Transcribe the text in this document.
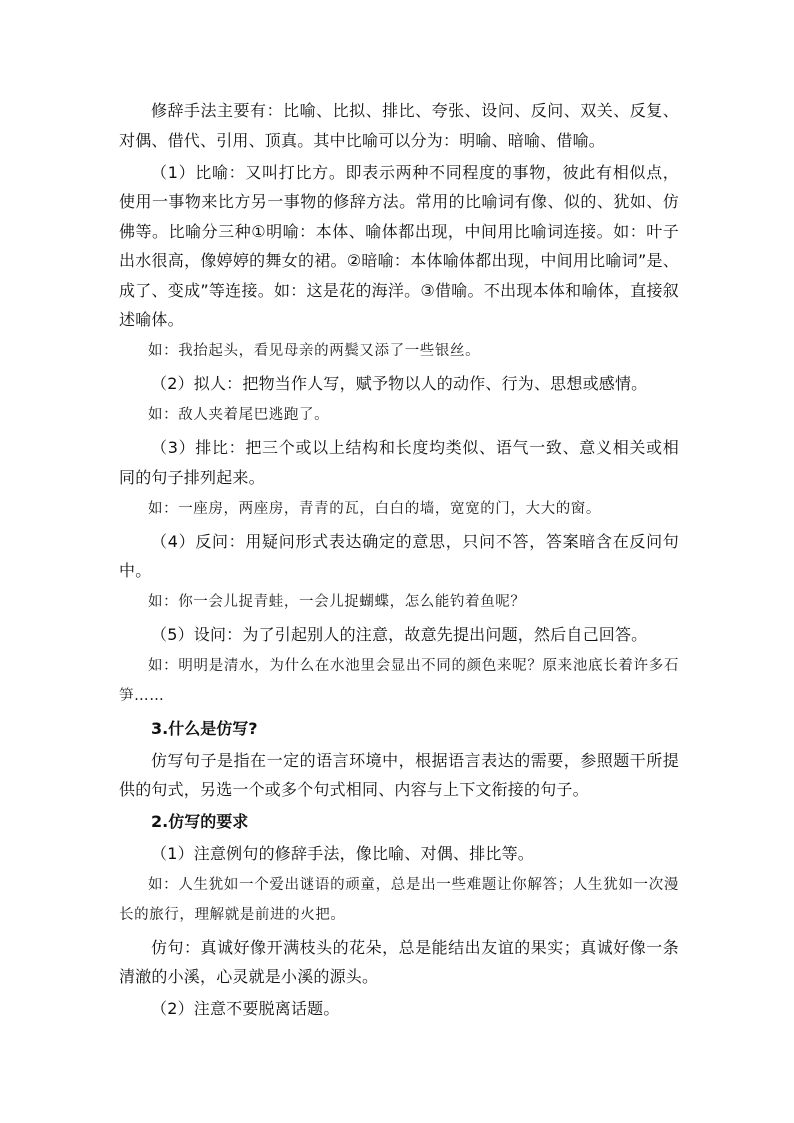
修辞手法主要有：比喻、比拟、排比、夸张、设问、反问、双关、反复、对偶、借代、引用、顶真。其中比喻可以分为：明喻、暗喻、借喻。

（1）比喻：又叫打比方。即表示两种不同程度的事物，彼此有相似点，使用一事物来比方另一事物的修辞方法。常用的比喻词有像、似的、犹如、仿佛等。比喻分三种①明喻：本体、喻体都出现，中间用比喻词连接。如：叶子出水很高，像婷婷的舞女的裙。②暗喻：本体喻体都出现，中间用比喻词”是、成了、变成”等连接。如：这是花的海洋。③借喻。不出现本体和喻体，直接叙述喻体。

如：我抬起头，看见母亲的两鬓又添了一些银丝。

（2）拟人：把物当作人写，赋予物以人的动作、行为、思想或感情。

如：敌人夹着尾巴逃跑了。

（3）排比：把三个或以上结构和长度均类似、语气一致、意义相关或相同的句子排列起来。

如：一座房，两座房，青青的瓦，白白的墙，宽宽的门，大大的窗。

（4）反问：用疑问形式表达确定的意思，只问不答，答案暗含在反问句中。

如：你一会儿捉青蛙，一会儿捉蝴蝶，怎么能钓着鱼呢？

（5）设问：为了引起别人的注意，故意先提出问题，然后自己回答。

如：明明是清水，为什么在水池里会显出不同的颜色来呢？原来池底长着许多石笋……

3.什么是仿写?

仿写句子是指在一定的语言环境中，根据语言表达的需要，参照题干所提供的句式，另选一个或多个句式相同、内容与上下文衔接的句子。

2.仿写的要求

（1）注意例句的修辞手法，像比喻、对偶、排比等。

如：人生犹如一个爱出谜语的顽童，总是出一些难题让你解答；人生犹如一次漫长的旅行，理解就是前进的火把。

仿句：真诚好像开满枝头的花朵，总是能结出友谊的果实；真诚好像一条清澈的小溪，心灵就是小溪的源头。

（2）注意不要脱离话题。
